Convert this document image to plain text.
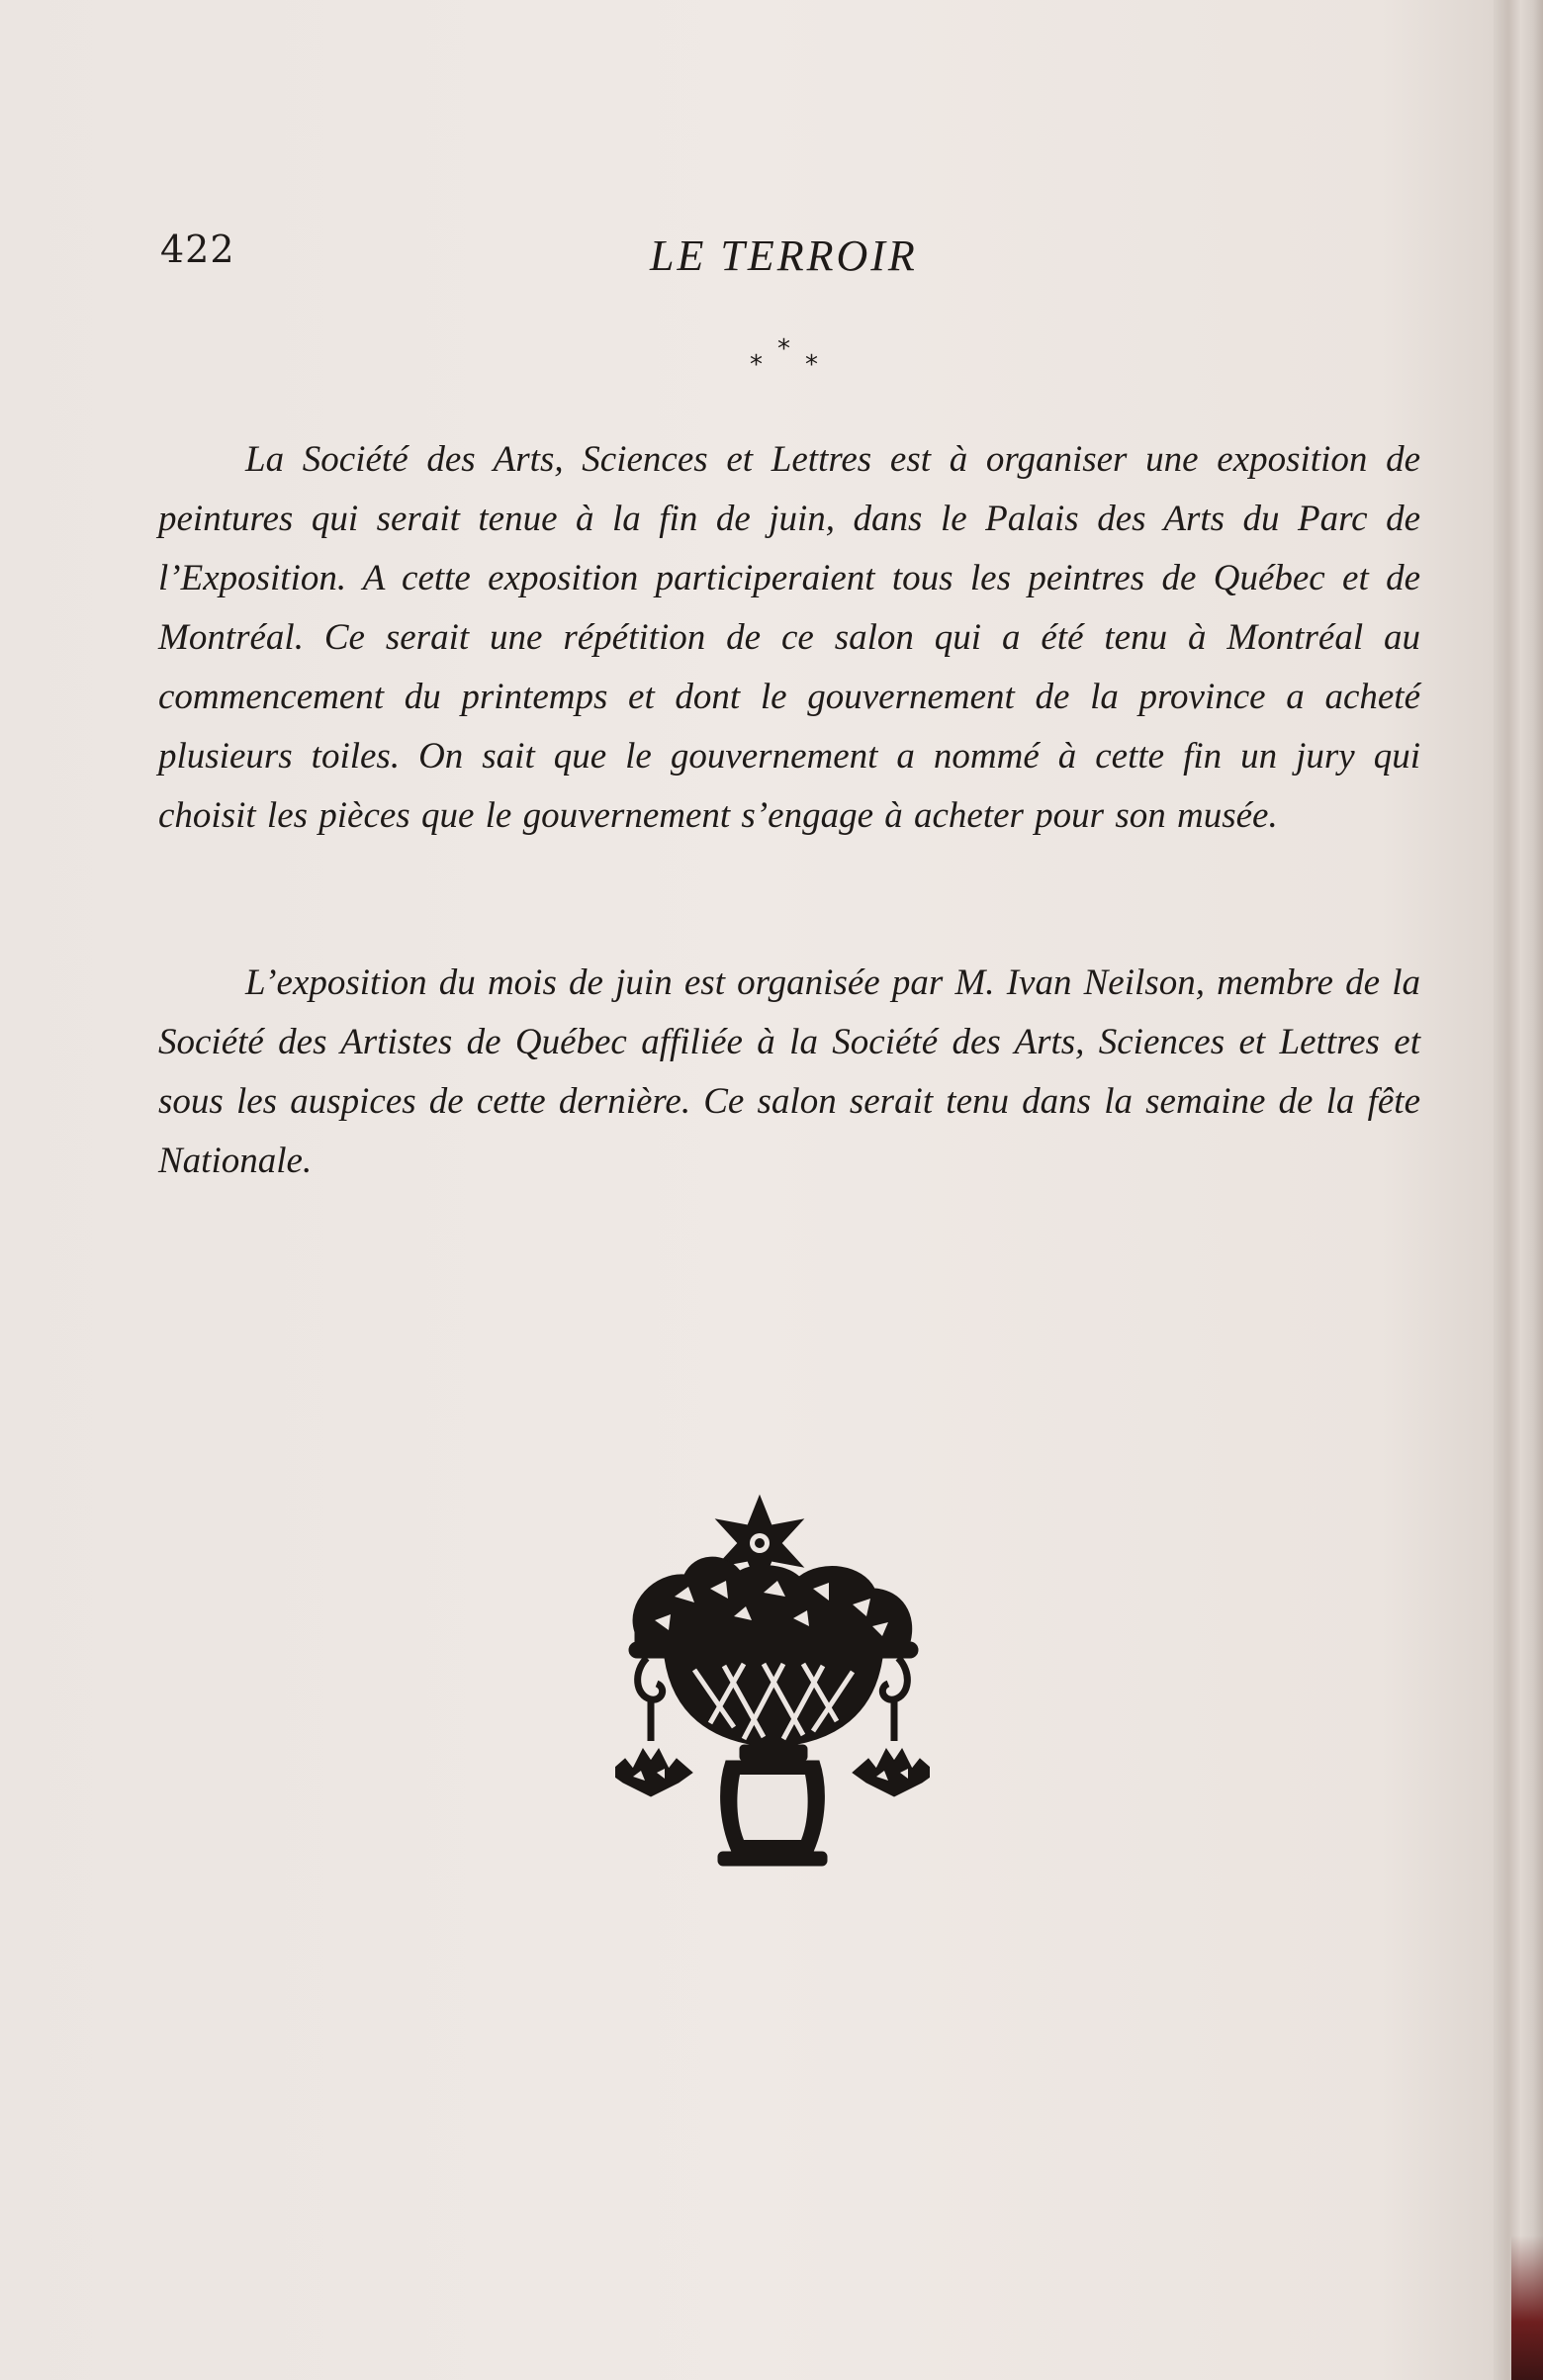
422	LE TERROIR
*
* *

La Société des Arts, Sciences et Lettres est à organiser une exposition de peintures qui serait tenue à la fin de juin, dans le Palais des Arts du Parc de l’Exposition. A cette exposition participeraient tous les peintres de Québec et de Montréal. Ce serait une répétition de ce salon qui a été tenu à Montréal au commencement du printemps et dont le gouvernement de la province a acheté plusieurs toiles. On sait que le gouvernement a nommé à cette fin un jury qui choisit les pièces que le gouvernement s’engage à acheter pour son musée.

L’exposition du mois de juin est organisée par M. Ivan Neilson, membre de la Société des Artistes de Québec affiliée à la Société des Arts, Sciences et Lettres et sous les auspices de cette dernière. Ce salon serait tenu dans la semaine de la fête Nationale.
